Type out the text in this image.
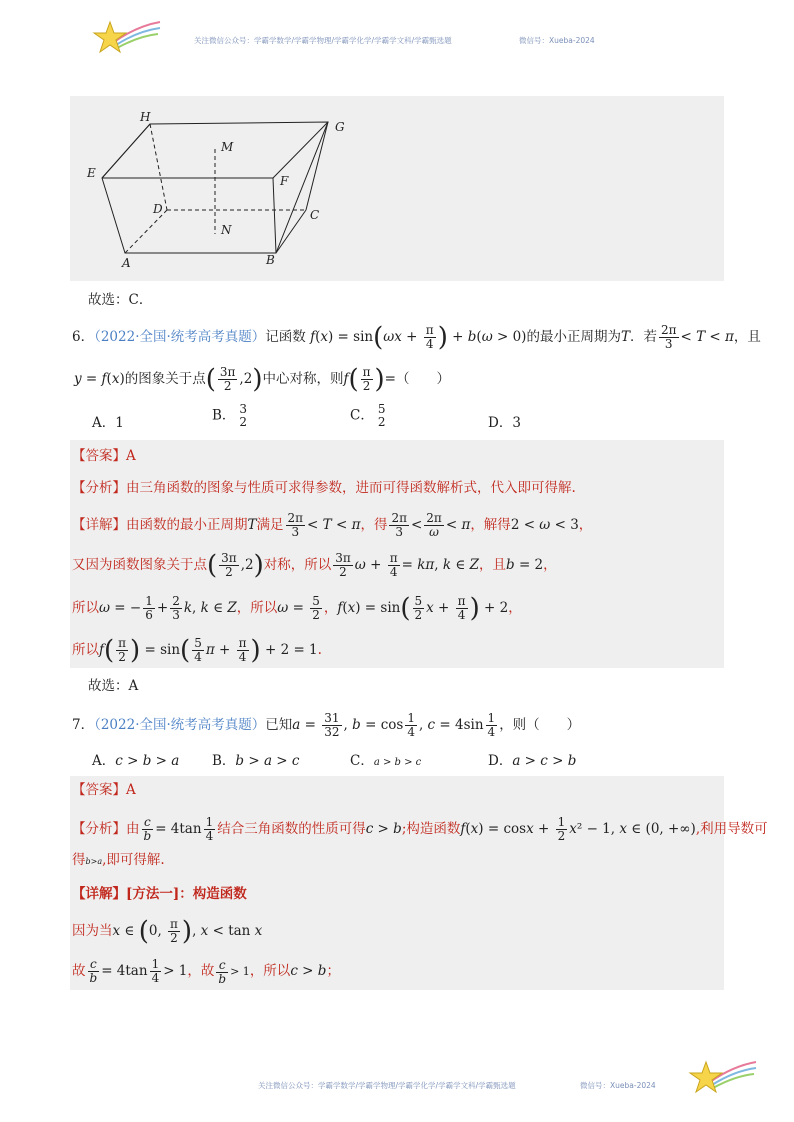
关注微信公众号：学霸学数学/学霸学物理/学霸学化学/学霸学文科/学霸甄选题	微信号：Xueba-2024
H
G
M
E
F
D	C
N
A	B
故选：C．
6．（2022·全国·统考高考真题）记函数 $f(x) = \sin(\omega x + \frac{\pi}{4}$ ) + b(ω > 0)的最小正周期为T．若 $\frac{2\pi}{3} < T < \pi$，且
y = f(x)的图象关于点( $\frac{3\pi}{2} ,2$)中心对称，则$f( \frac{\pi}{2}$ )=（　　）
A．1	B． 3
2	C． 5
2	D．3
【答案】A
【分析】由三角函数的图象与性质可求得参数，进而可得函数解析式，代入即可得解.
【详解】由函数的最小正周期T满足 $\frac{2\pi}{3} < T < \pi$，得 $\frac{2\pi}{3} < \frac{2\pi}{\omega} < \pi$，解得2 < ω < 3，
又因为函数图象关于点( $\frac{3\pi}{2} ,2$)对称，所以 $\frac{3\pi}{2}$ $\omega + \frac{\pi}{4} = k\pi$, k ∈ Z，且b = 2，
所以ω = − $\frac{1}{6} + \frac{2}{3} k$, k ∈ Z，所以$\omega = \frac{5}{2}$ ，$f(x) = \sin( \frac{5}{2}$ $x + \frac{\pi}{4}$ ) + 2，
所以$f( \frac{\pi}{2}$ ) = $\sin( \frac{5}{4}$ $\pi + \frac{\pi}{4}$ ) + 2 = 1.
故选：A
7．（2022·全国·统考高考真题）已知$a = \frac{31}{32}$ , $b = \cos \frac{1}{4}$ , $c = 4\sin \frac{1}{4}$ ，则（　　）
A．c > b > a B．b > a > c	C．a > b > c	D．a > c > b
【答案】A
【分析】由 $\frac{c}{b} = 4\tan \frac{1}{4}$ 结合三角函数的性质可得c > b;构造函数$f(x) = \cos x + \frac{1}{2} x^2 - 1$, x ∈ (0, +∞),利用导数可
得b>a,即可得解.
【详解】[方法一]：构造函数
因为当x ∈ (0, $\frac{\pi}{2}$ ), x < tan x
故 $\frac{c}{b} = 4\tan \frac{1}{4} > 1$，故 $\frac{c}{b} > 1$，所以c > b；
关注微信公众号：学霸学数学/学霸学物理/学霸学化学/学霸学文科/学霸甄选题	微信号：Xueba-2024
